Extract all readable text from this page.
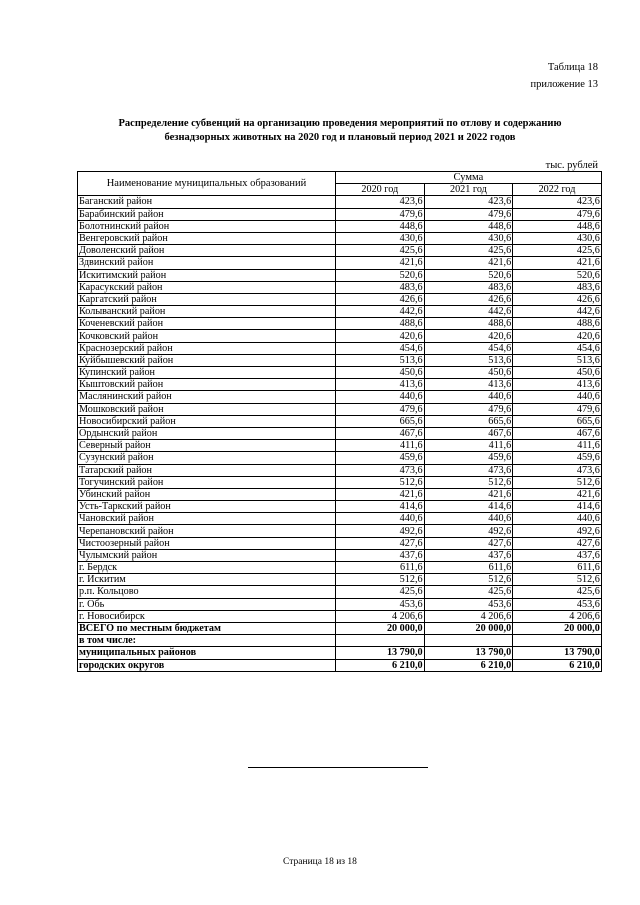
Таблица 18
приложение 13
Распределение субвенций на организацию проведения мероприятий по отлову и содержанию
безнадзорных животных на 2020 год и плановый период 2021 и 2022 годов
тыс. рублей
Наименование муниципальных образований	Сумма		
	2020 год	2021 год	2022 год
Баганский район	423,6	423,6	423,6
Барабинский район	479,6	479,6	479,6
Болотнинский район	448,6	448,6	448,6
Венгеровский район	430,6	430,6	430,6
Доволенский район	425,6	425,6	425,6
Здвинский район	421,6	421,6	421,6
Искитимский район	520,6	520,6	520,6
Карасукский район	483,6	483,6	483,6
Каргатский район	426,6	426,6	426,6
Колыванский район	442,6	442,6	442,6
Коченевский район	488,6	488,6	488,6
Кочковский район	420,6	420,6	420,6
Краснозерский район	454,6	454,6	454,6
Куйбышевский район	513,6	513,6	513,6
Купинский район	450,6	450,6	450,6
Кыштовский район	413,6	413,6	413,6
Маслянинский район	440,6	440,6	440,6
Мошковский район	479,6	479,6	479,6
Новосибирский район	665,6	665,6	665,6
Ордынский район	467,6	467,6	467,6
Северный район	411,6	411,6	411,6
Сузунский район	459,6	459,6	459,6
Татарский район	473,6	473,6	473,6
Тогучинский район	512,6	512,6	512,6
Убинский район	421,6	421,6	421,6
Усть-Таркский район	414,6	414,6	414,6
Чановский район	440,6	440,6	440,6
Черепановский район	492,6	492,6	492,6
Чистоозерный район	427,6	427,6	427,6
Чулымский район	437,6	437,6	437,6
г. Бердск	611,6	611,6	611,6
г. Искитим	512,6	512,6	512,6
р.п. Кольцово	425,6	425,6	425,6
г. Обь	453,6	453,6	453,6
г. Новосибирск	4 206,6	4 206,6	4 206,6
ВСЕГО по местным бюджетам	20 000,0	20 000,0	20 000,0
в том числе:			
муниципальных районов	13 790,0	13 790,0	13 790,0
городских округов	6 210,0	6 210,0	6 210,0
Страница 18 из 18
